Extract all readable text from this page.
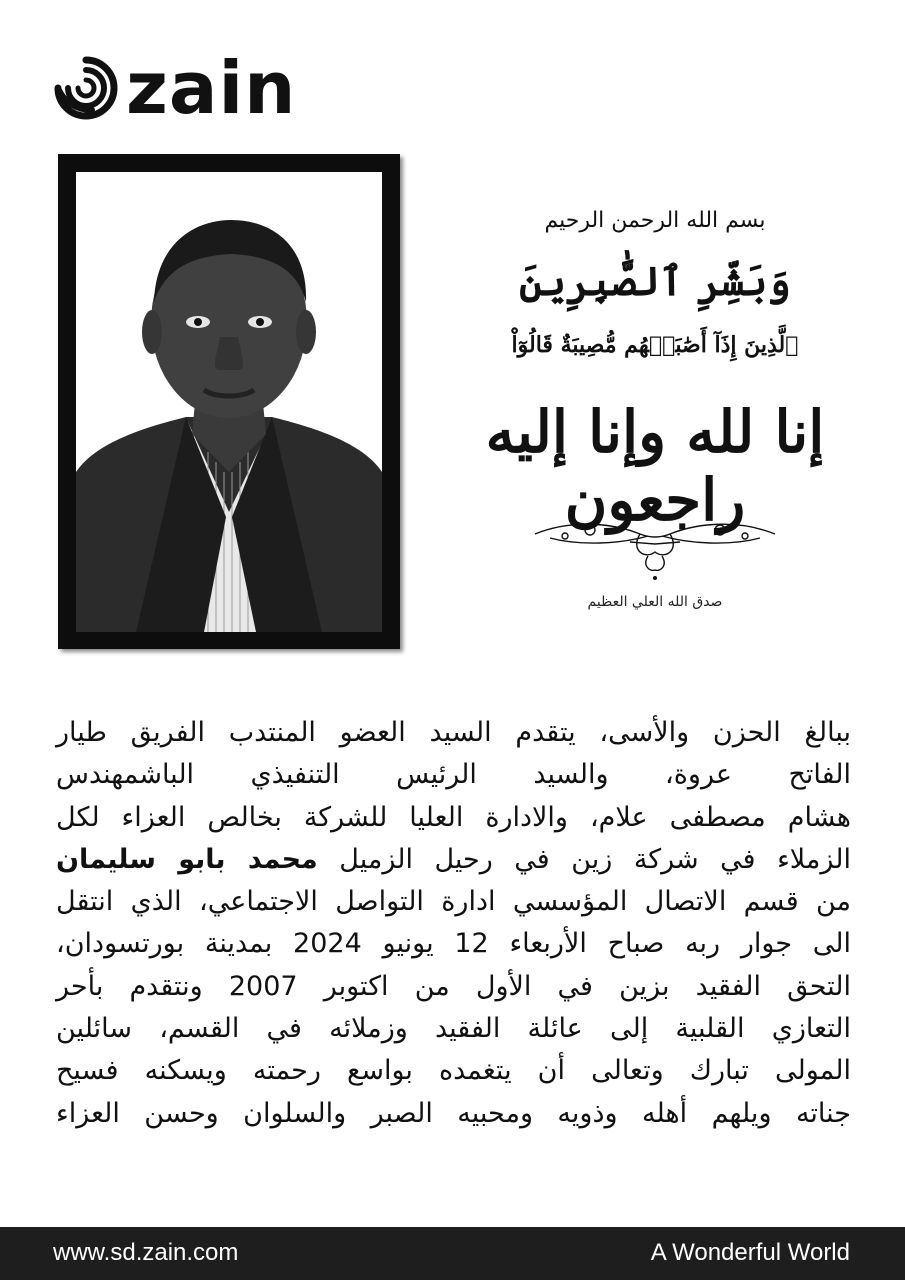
zain
بسم الله الرحمن الرحيم
وَبَشِّرِ ٱلصَّٰبِرِينَ
ٱلَّذِينَ إِذَآ أَصَٰبَتۡهُم مُّصِيبَةٌ قَالُوٓاْ
إنا لله وإنا إليه راجعون
صدق الله العلي العظيم
ببالغ الحزن والأسى، يتقدم السيد العضو المنتدب الفريق طيار
الفاتح عروة، والسيد الرئيس التنفيذي الباشمهندس
هشام مصطفى علام، والادارة العليا للشركة بخالص العزاء لكل
الزملاء في شركة زين في رحيل الزميل محمد بابو سليمان
من قسم الاتصال المؤسسي ادارة التواصل الاجتماعي، الذي انتقل
الى جوار ربه صباح الأربعاء 12 يونيو 2024 بمدينة بورتسودان،
التحق الفقيد بزين في الأول من اكتوبر 2007 ونتقدم بأحر
التعازي القلبية إلى عائلة الفقيد وزملائه في القسم، سائلين
المولى تبارك وتعالى أن يتغمده بواسع رحمته ويسكنه فسيح
جناته ويلهم أهله وذويه ومحبيه الصبر والسلوان وحسن العزاء
www.sd.zain.com	A Wonderful World
